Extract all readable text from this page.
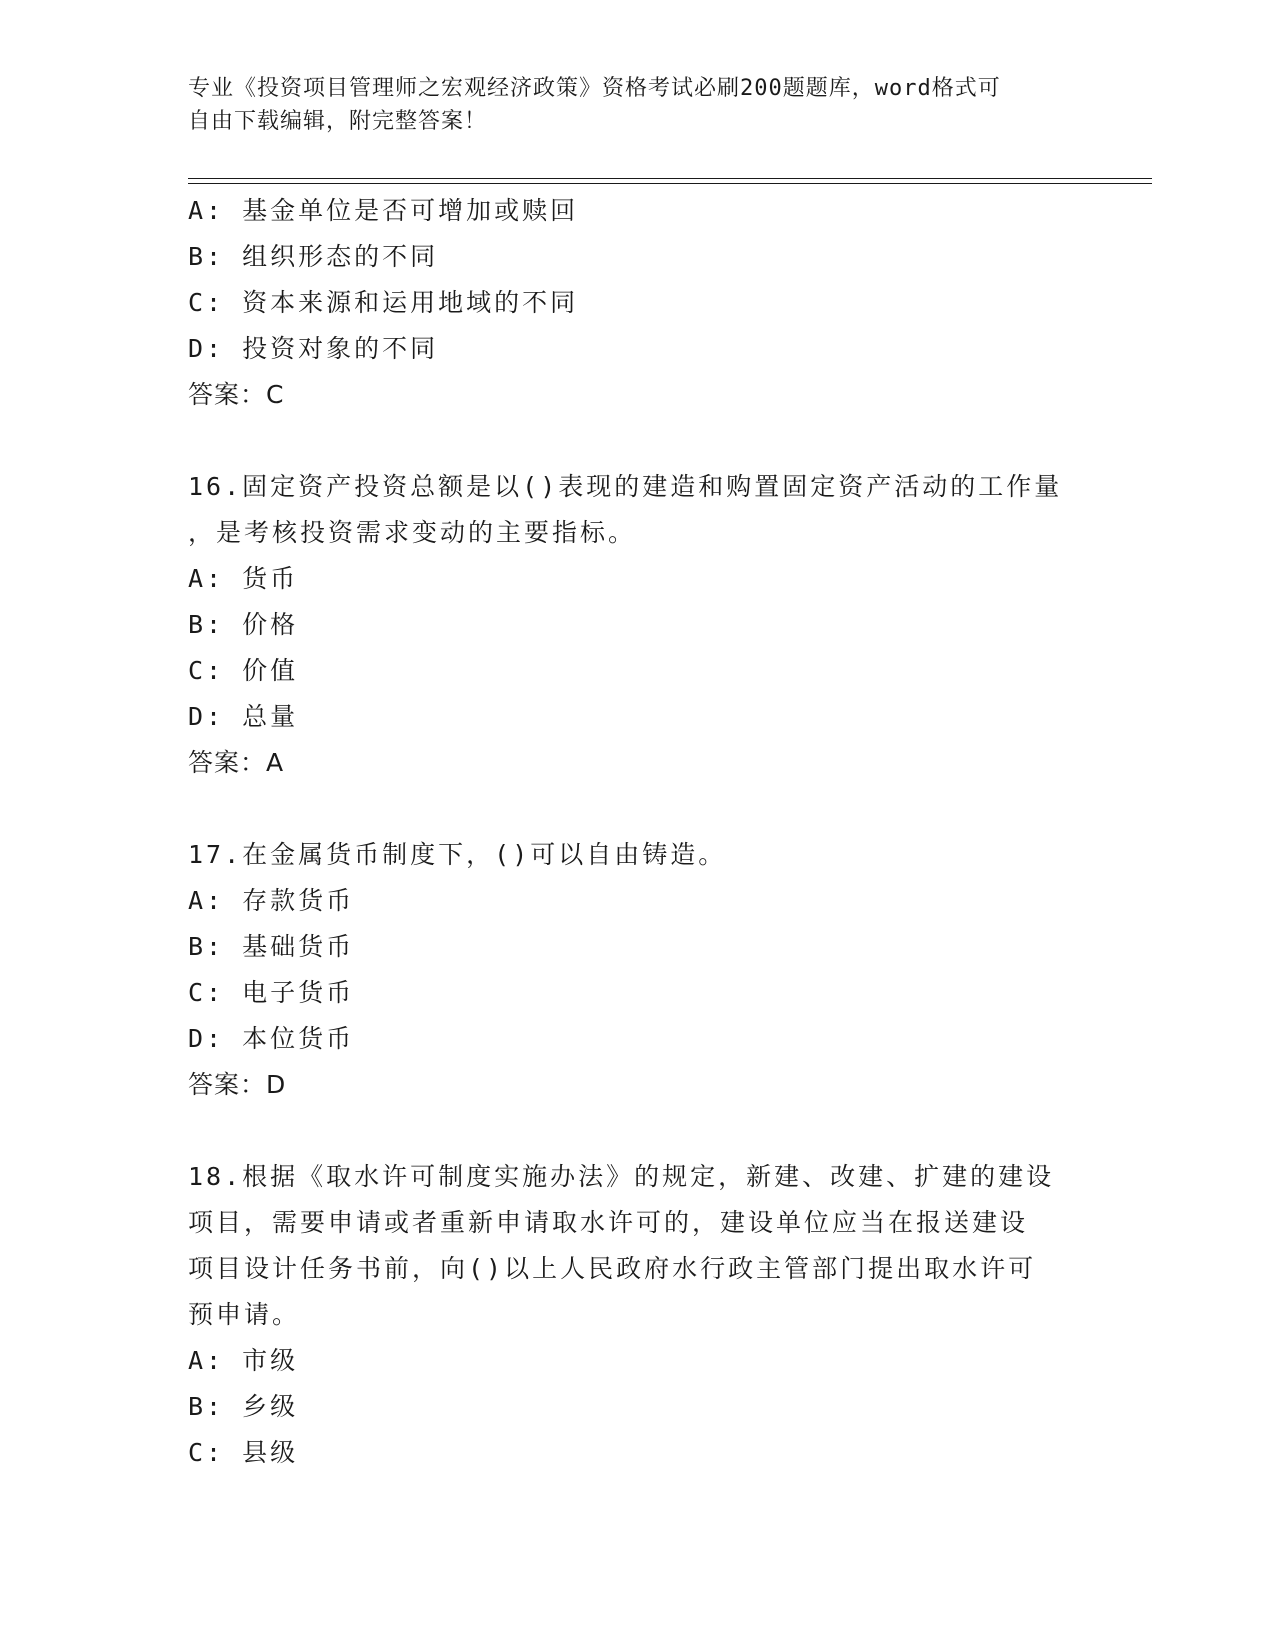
专业《投资项目管理师之宏观经济政策》资格考试必刷200题题库，word格式可
自由下载编辑，附完整答案！
A: 基金单位是否可增加或赎回
B: 组织形态的不同
C: 资本来源和运用地域的不同
D: 投资对象的不同
答案：C
16.固定资产投资总额是以()表现的建造和购置固定资产活动的工作量
，是考核投资需求变动的主要指标。
A: 货币
B: 价格
C: 价值
D: 总量
答案：A
17.在金属货币制度下，()可以自由铸造。
A: 存款货币
B: 基础货币
C: 电子货币
D: 本位货币
答案：D
18.根据《取水许可制度实施办法》的规定，新建、改建、扩建的建设
项目，需要申请或者重新申请取水许可的，建设单位应当在报送建设
项目设计任务书前，向()以上人民政府水行政主管部门提出取水许可
预申请。
A: 市级
B: 乡级
C: 县级
